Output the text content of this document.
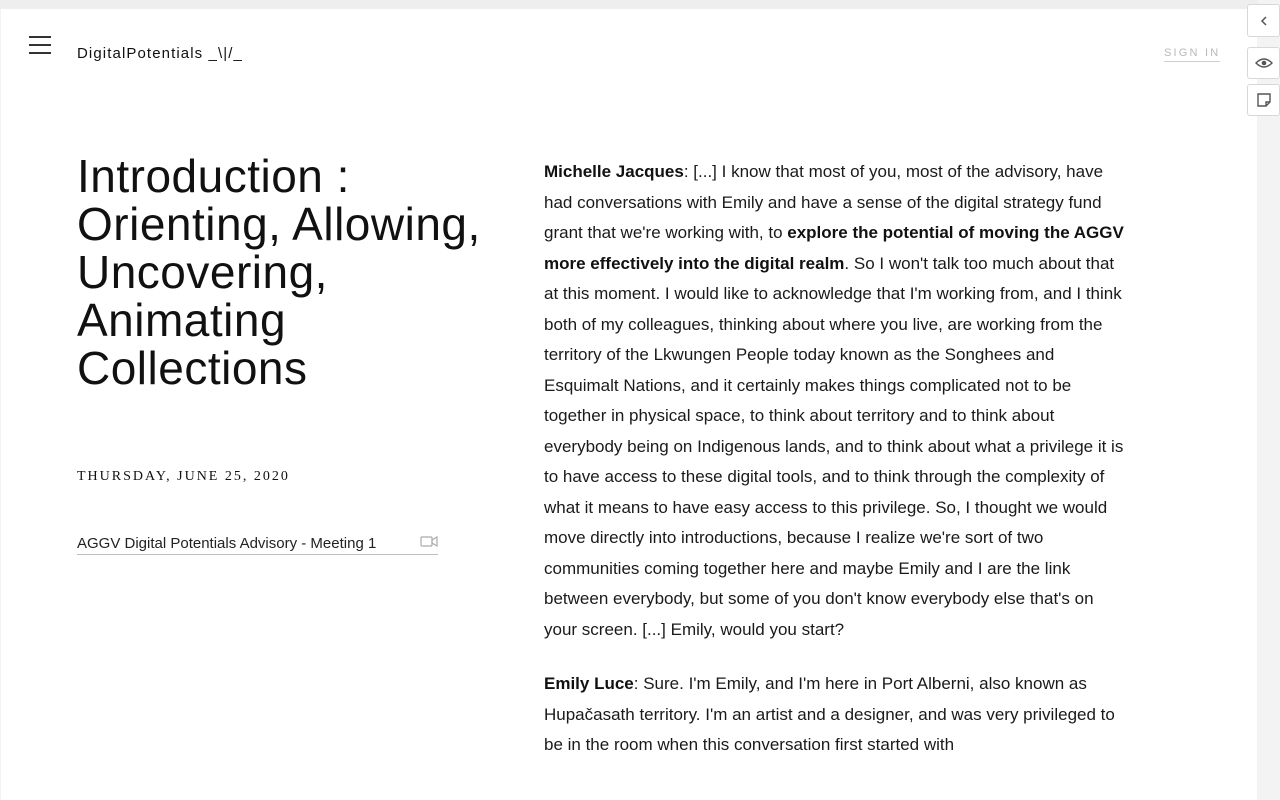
DigitalPotentials _\|/_	SIGN IN
Introduction : Orienting, Allowing, Uncovering, Animating Collections
THURSDAY, JUNE 25, 2020
AGGV Digital Potentials Advisory - Meeting 1

Michelle Jacques: [...] I know that most of you, most of the advisory, have had conversations with Emily and have a sense of the digital strategy fund grant that we're working with, to explore the potential of moving the AGGV more effectively into the digital realm. So I won't talk too much about that at this moment. I would like to acknowledge that I'm working from, and I think both of my colleagues, thinking about where you live, are working from the territory of the Lkwungen People today known as the Songhees and Esquimalt Nations, and it certainly makes things complicated not to be together in physical space, to think about territory and to think about everybody being on Indigenous lands, and to think about what a privilege it is to have access to these digital tools, and to think through the complexity of what it means to have easy access to this privilege. So, I thought we would move directly into introductions, because I realize we're sort of two communities coming together here and maybe Emily and I are the link between everybody, but some of you don't know everybody else that's on your screen. [...] Emily, would you start?

Emily Luce: Sure. I'm Emily, and I'm here in Port Alberni, also known as Hupačasath territory. I'm an artist and a designer, and was very privileged to be in the room when this conversation first started with
